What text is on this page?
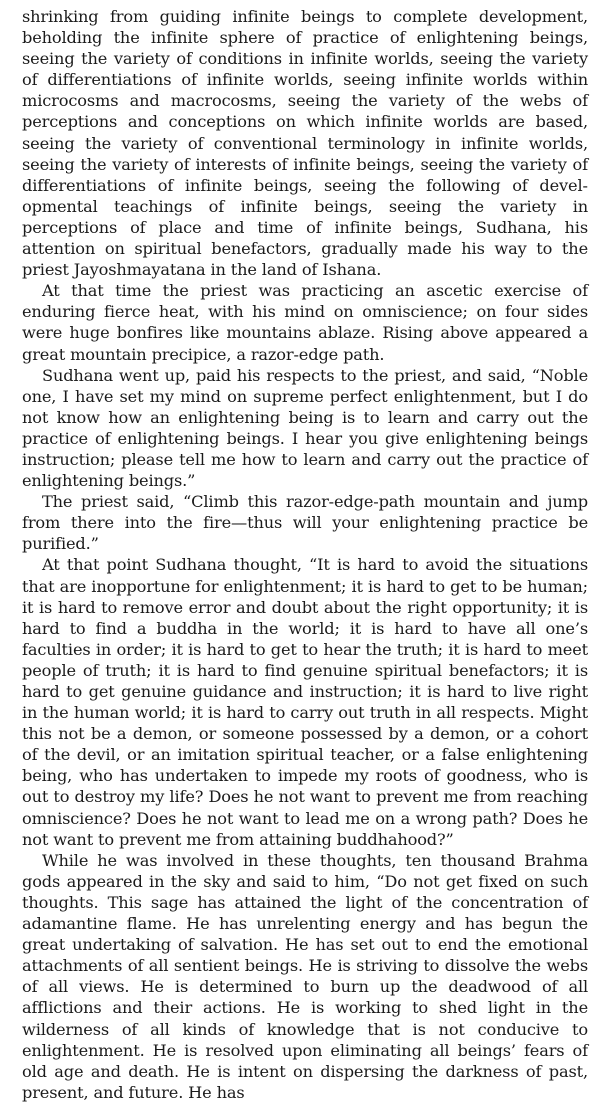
shrinking from guiding infinite beings to complete development, beholding the infinite sphere of practice of enlightening beings, seeing the variety of conditions in infinite worlds, seeing the variety of differentiations of infinite worlds, seeing infinite worlds within microcosms and macrocosms, seeing the variety of the webs of perceptions and conceptions on which infinite worlds are based, seeing the variety of conventional terminology in infinite worlds, seeing the variety of interests of infinite beings, seeing the variety of differentiations of infinite beings, seeing the following of developmental teachings of infinite beings, seeing the variety in perceptions of place and time of infinite beings, Sudhana, his attention on spiritual benefactors, gradually made his way to the priest Jayoshmayatana in the land of Ishana.

At that time the priest was practicing an ascetic exercise of enduring fierce heat, with his mind on omniscience; on four sides were huge bonfires like mountains ablaze. Rising above appeared a great mountain precipice, a razor-edge path.

Sudhana went up, paid his respects to the priest, and said, “Noble one, I have set my mind on supreme perfect enlightenment, but I do not know how an enlightening being is to learn and carry out the practice of enlightening beings. I hear you give enlightening beings instruction; please tell me how to learn and carry out the practice of enlightening beings.”

The priest said, “Climb this razor-edge-path mountain and jump from there into the fire—thus will your enlightening practice be purified.”

At that point Sudhana thought, “It is hard to avoid the situations that are inopportune for enlightenment; it is hard to get to be human; it is hard to remove error and doubt about the right opportunity; it is hard to find a buddha in the world; it is hard to have all one’s faculties in order; it is hard to get to hear the truth; it is hard to meet people of truth; it is hard to find genuine spiritual benefactors; it is hard to get genuine guidance and instruction; it is hard to live right in the human world; it is hard to carry out truth in all respects. Might this not be a demon, or someone possessed by a demon, or a cohort of the devil, or an imitation spiritual teacher, or a false enlightening being, who has undertaken to impede my roots of goodness, who is out to destroy my life? Does he not want to prevent me from reaching omniscience? Does he not want to lead me on a wrong path? Does he not want to prevent me from attaining buddhahood?”

While he was involved in these thoughts, ten thousand Brahma gods appeared in the sky and said to him, “Do not get fixed on such thoughts. This sage has attained the light of the concentration of adamantine flame. He has unrelenting energy and has begun the great undertaking of salvation. He has set out to end the emotional attachments of all sentient beings. He is striving to dissolve the webs of all views. He is determined to burn up the deadwood of all afflictions and their actions. He is working to shed light in the wilderness of all kinds of knowledge that is not conducive to enlightenment. He is resolved upon eliminating all beings’ fears of old age and death. He is intent on dispersing the darkness of past, present, and future. He has
